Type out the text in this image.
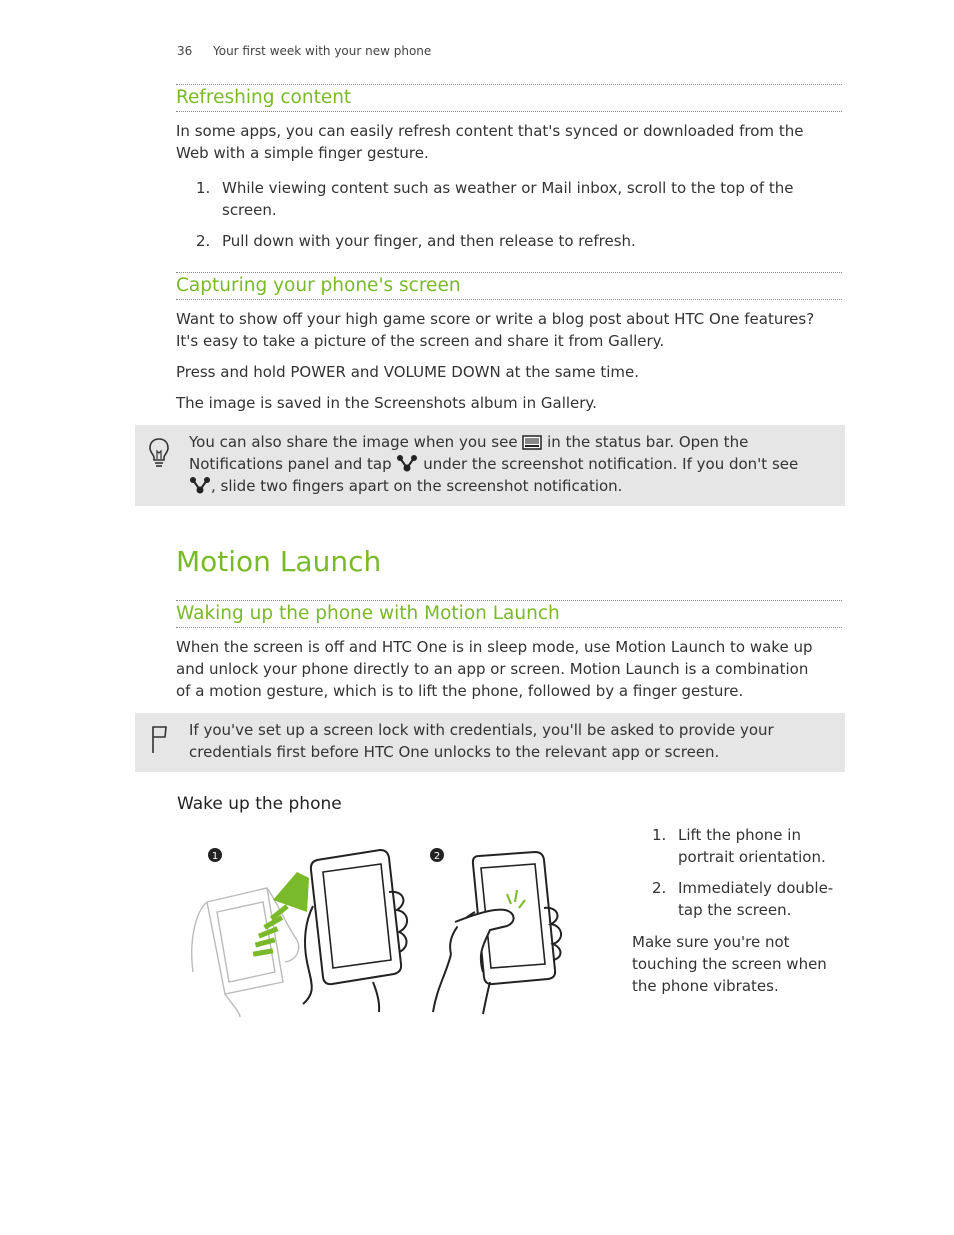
36 Your first week with your new phone
Refreshing content
In some apps, you can easily refresh content that's synced or downloaded from the
Web with a simple finger gesture.
1. While viewing content such as weather or Mail inbox, scroll to the top of the
screen.
2. Pull down with your finger, and then release to refresh.
Capturing your phone's screen
Want to show off your high game score or write a blog post about HTC One features?
It's easy to take a picture of the screen and share it from Gallery.
Press and hold POWER and VOLUME DOWN at the same time.
The image is saved in the Screenshots album in Gallery.
You can also share the image when you see in the status bar. Open the
Notifications panel and tap under the screenshot notification. If you don't see
, slide two fingers apart on the screenshot notification.
Motion Launch
Waking up the phone with Motion Launch
When the screen is off and HTC One is in sleep mode, use Motion Launch to wake up
and unlock your phone directly to an app or screen. Motion Launch is a combination
of a motion gesture, which is to lift the phone, followed by a finger gesture.
If you've set up a screen lock with credentials, you'll be asked to provide your
credentials first before HTC One unlocks to the relevant app or screen.
Wake up the phone
1	2
1. Lift the phone in
portrait orientation.
2. Immediately double-
tap the screen.
Make sure you're not
touching the screen when
the phone vibrates.
